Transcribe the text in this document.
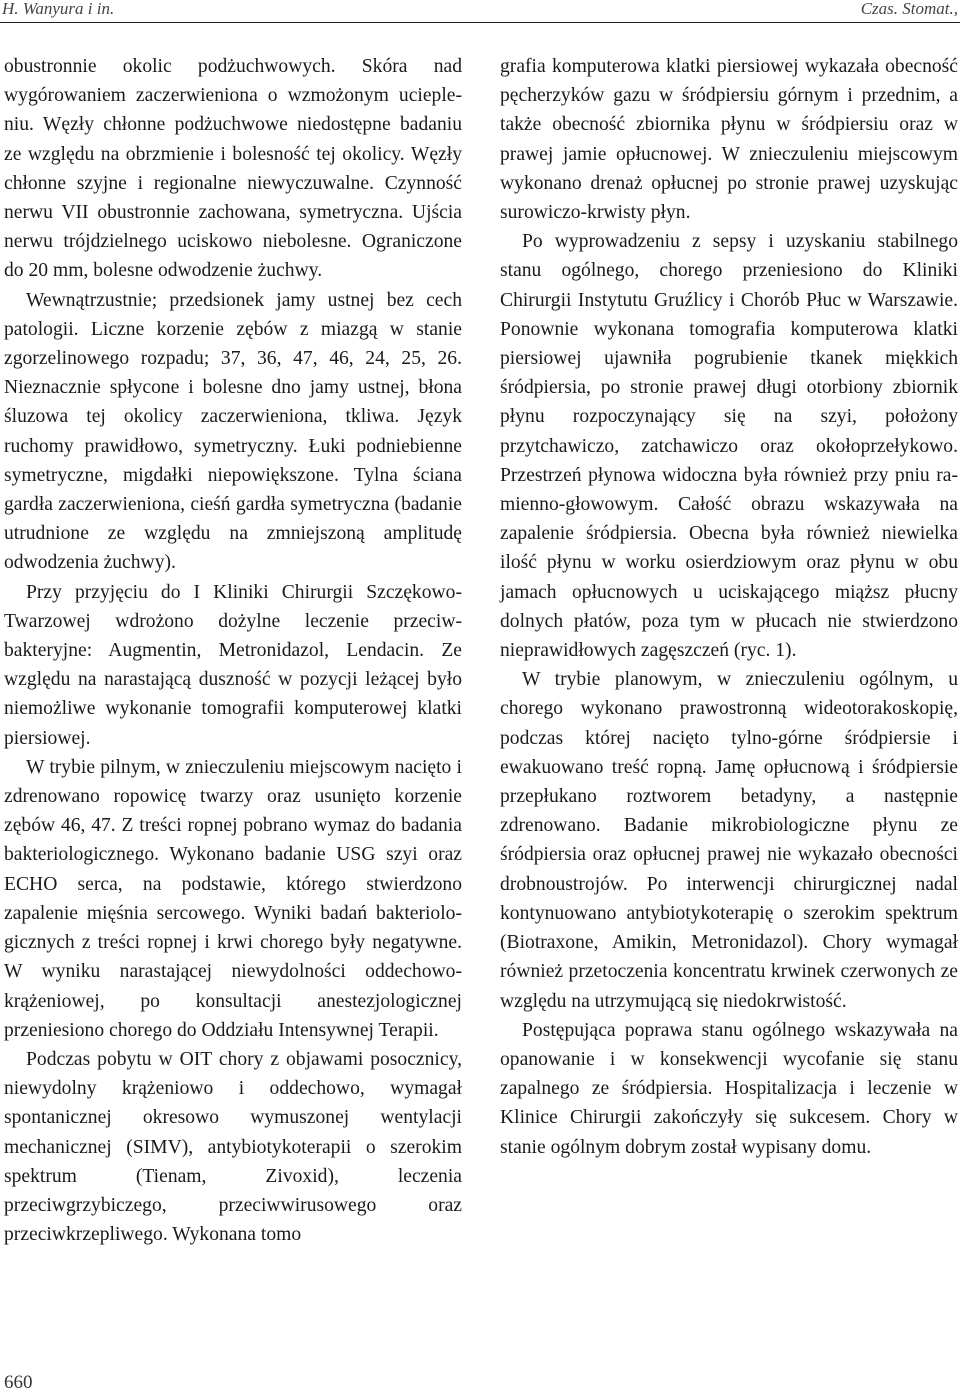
H. Wanyura i in.	Czas. Stomat.,

obustronnie okolic podżuchwowych. Skóra nad wygórowaniem zaczerwieniona o wzmożonym uciepleniu. Węzły chłonne podżuchwowe niedostępne badaniu ze względu na obrzmienie i bolesność tej okolicy. Węzły chłonne szyjne i regionalne niewyczuwalne. Czynność nerwu VII obustronnie zachowana, symetryczna. Ujścia nerwu trójdzielnego uciskowo niebolesne. Ograniczone do 20 mm, bolesne odwodzenie żuchwy.

Wewnątrzustnie; przedsionek jamy ustnej bez cech patologii. Liczne korzenie zębów z miazgą w stanie zgorzelinowego rozpadu; 37, 36, 47, 46, 24, 25, 26. Nieznacznie spłycone i bolesne dno jamy ustnej, błona śluzowa tej okolicy zaczerwieniona, tkliwa. Język ruchomy prawidłowo, symetryczny. Łuki podniebienne symetryczne, migdałki niepowiększone. Tylna ściana gardła zaczerwieniona, cieśń gardła symetryczna (badanie utrudnione ze względu na zmniejszoną amplitudę odwodzenia żuchwy).

Przy przyjęciu do I Kliniki Chirurgii Szczękowo-Twarzowej wdrożono dożylne leczenie przeciwbakteryjne: Augmentin, Metronidazol, Lendacin. Ze względu na narastającą duszność w pozycji leżącej było niemożliwe wykonanie tomografii komputerowej klatki piersiowej.

W trybie pilnym, w znieczuleniu miejscowym nacięto i zdrenowano ropowicę twarzy oraz usunięto korzenie zębów 46, 47. Z treści ropnej pobrano wymaz do badania bakteriologicznego. Wykonano badanie USG szyi oraz ECHO serca, na podstawie, którego stwierdzono zapalenie mięśnia sercowego. Wyniki badań bakteriologicznych z treści ropnej i krwi chorego były negatywne. W wyniku narastającej niewydolności oddechowo-krążeniowej, po konsultacji anestezjologicznej przeniesiono chorego do Oddziału Intensywnej Terapii.

Podczas pobytu w OIT chory z objawami posocznicy, niewydolny krążeniowo i oddechowo, wymagał spontanicznej okresowo wymuszonej wentylacji mechanicznej (SIMV), antybiotykoterapii o szerokim spektrum (Tienam, Zivoxid), leczenia przeciwgrzybiczego, przeciwwirusowego oraz przeciwkrzepliwego. Wykonana tomo

grafia komputerowa klatki piersiowej wykazała obecność pęcherzyków gazu w śródpiersiu górnym i przednim, a także obecność zbiornika płynu w śródpiersiu oraz w prawej jamie opłucnowej. W znieczuleniu miejscowym wykonano drenaż opłucnej po stronie prawej uzyskując surowiczo-krwisty płyn.

Po wyprowadzeniu z sepsy i uzyskaniu stabilnego stanu ogólnego, chorego przeniesiono do Kliniki Chirurgii Instytutu Gruźlicy i Chorób Płuc w Warszawie. Ponownie wykonana tomografia komputerowa klatki piersiowej ujawniła pogrubienie tkanek miękkich śródpiersia, po stronie prawej długi otorbiony zbiornik płynu rozpoczynający się na szyi, położony przytchawiczo, zatchawiczo oraz okołoprzełykowo. Przestrzeń płynowa widoczna była również przy pniu ramienno-głowowym. Całość obrazu wskazywała na zapalenie śródpiersia. Obecna była również niewielka ilość płynu w worku osierdziowym oraz płynu w obu jamach opłucnowych u uciskającego miąższ płucny dolnych płatów, poza tym w płucach nie stwierdzono nieprawidłowych zagęszczeń (ryc. 1).

W trybie planowym, w znieczuleniu ogólnym, u chorego wykonano prawostronną wideotorakoskopię, podczas której nacięto tylno-górne śródpiersie i ewakuowano treść ropną. Jamę opłucnową i śródpiersie przepłukano roztworem betadyny, a następnie zdrenowano. Badanie mikrobiologiczne płynu ze śródpiersia oraz opłucnej prawej nie wykazało obecności drobnoustrojów. Po interwencji chirurgicznej nadal kontynuowano antybiotykoterapię o szerokim spektrum (Biotraxone, Amikin, Metronidazol). Chory wymagał również przetoczenia koncentratu krwinek czerwonych ze względu na utrzymującą się niedokrwistość.

Postępująca poprawa stanu ogólnego wskazywała na opanowanie i w konsekwencji wycofanie się stanu zapalnego ze śródpiersia. Hospitalizacja i leczenie w Klinice Chirurgii zakończyły się sukcesem. Chory w stanie ogólnym dobrym został wypisany domu.

660
